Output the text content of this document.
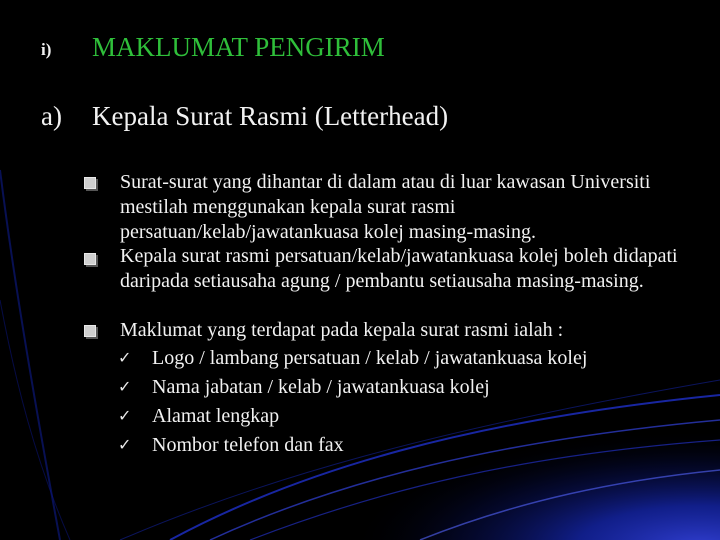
i) MAKLUMAT PENGIRIM
a) Kepala Surat Rasmi (Letterhead)
Surat-surat yang dihantar di dalam atau di luar kawasan Universiti mestilah menggunakan kepala surat rasmi persatuan/kelab/jawatankuasa kolej masing-masing.
Kepala surat rasmi persatuan/kelab/jawatankuasa kolej boleh didapati daripada setiausaha agung / pembantu setiausaha masing-masing.
Maklumat yang terdapat pada kepala surat rasmi ialah :
✓ Logo / lambang persatuan / kelab / jawatankuasa kolej
✓ Nama jabatan / kelab / jawatankuasa kolej
✓ Alamat lengkap
✓ Nombor telefon dan fax
